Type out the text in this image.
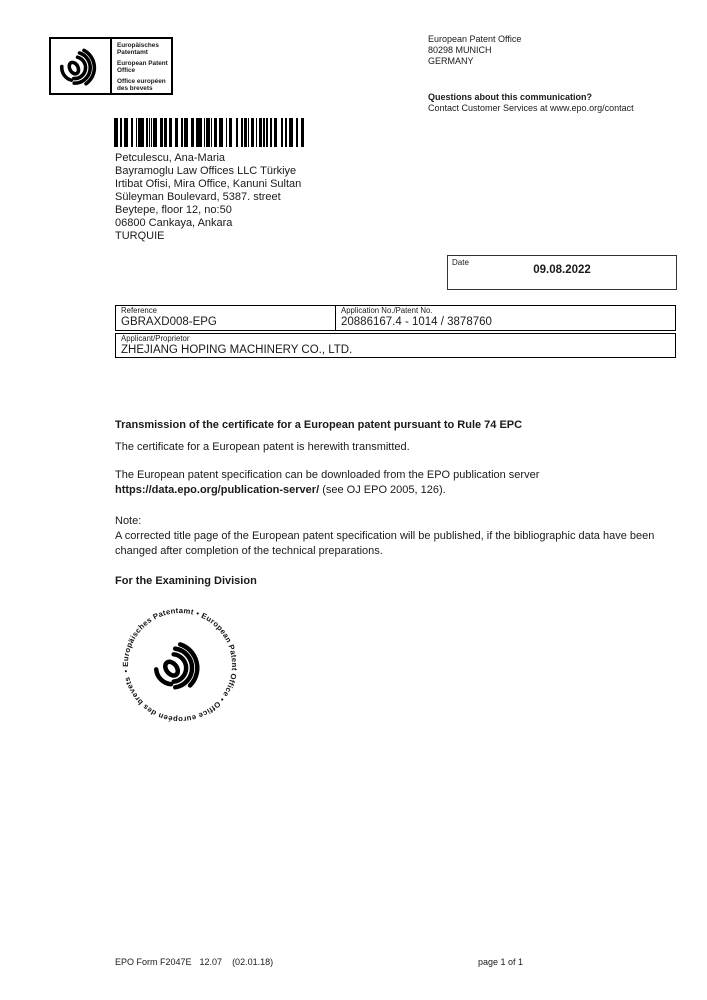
Europäisches Patentamt
European Patent Office
Office européen des brevets
European Patent Office
80298 MUNICH
GERMANY
Questions about this communication?
Contact Customer Services at www.epo.org/contact
Petculescu, Ana-Maria
Bayramoglu Law Offices LLC Türkiye
Irtibat Ofisi, Mira Office, Kanuni Sultan
Süleyman Boulevard, 5387. street
Beytepe, floor 12, no:50
06800 Cankaya, Ankara
TURQUIE
Date
09.08.2022
Reference
GBRAXD008-EPG
Application No./Patent No.
20886167.4 - 1014 / 3878760
Applicant/Proprietor
ZHEJIANG HOPING MACHINERY CO., LTD.
Transmission of the certificate for a European patent pursuant to Rule 74 EPC
The certificate for a European patent is herewith transmitted.
The European patent specification can be downloaded from the EPO publication server
https://data.epo.org/publication-server/ (see OJ EPO 2005, 126).
Note:
A corrected title page of the European patent specification will be published, if the bibliographic data have been changed after completion of the technical preparations.
For the Examining Division
• Europäisches Patentamt • European Patent Office • Office européen des brevets
EPO Form F2047E 12.07 (02.01.18)	page 1 of 1
